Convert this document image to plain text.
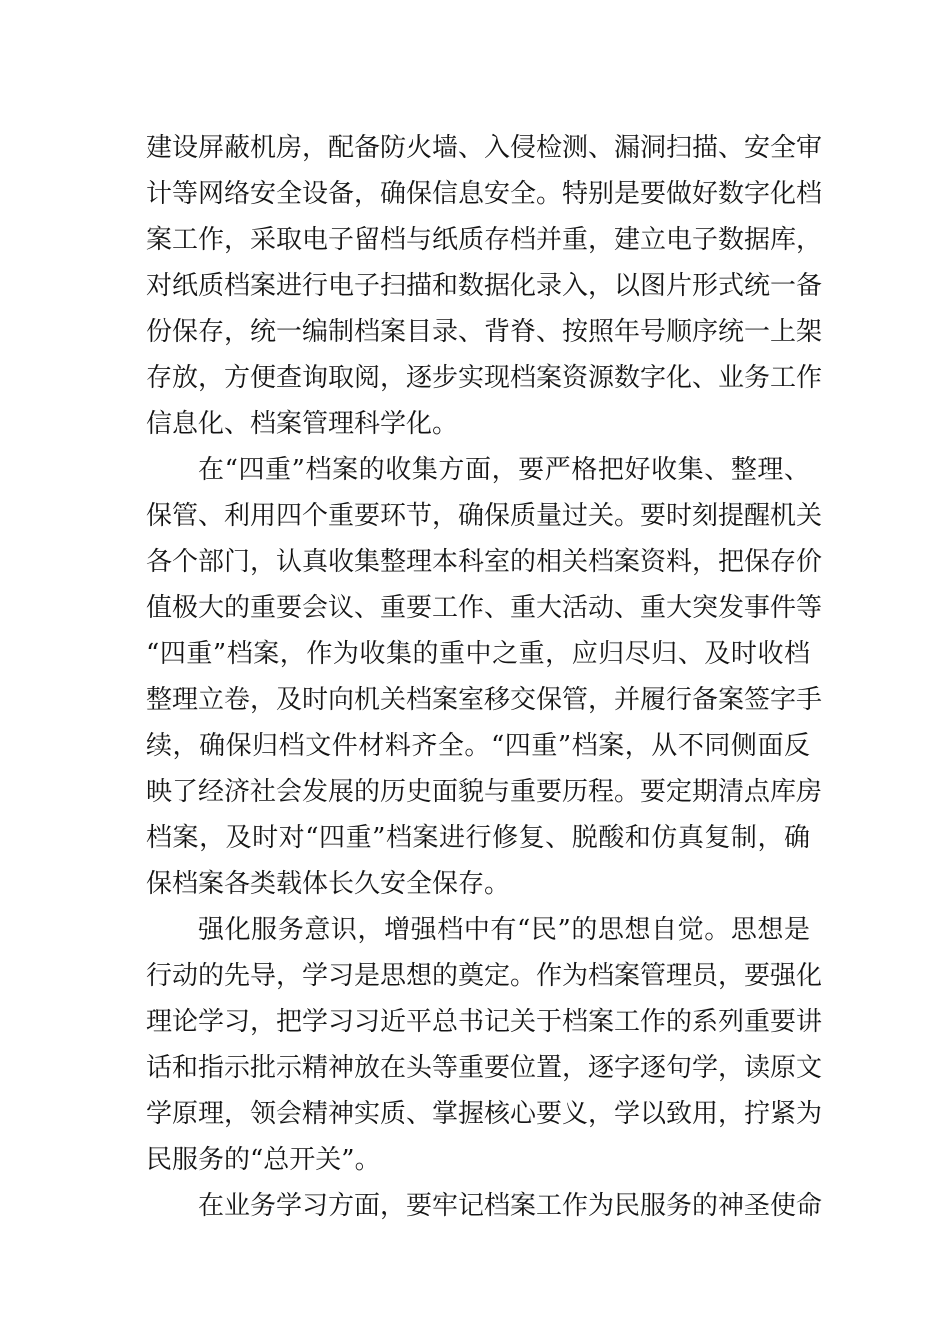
建设屏蔽机房，配备防火墙、入侵检测、漏洞扫描、安全审
计等网络安全设备，确保信息安全。特别是要做好数字化档
案工作，采取电子留档与纸质存档并重，建立电子数据库，
对纸质档案进行电子扫描和数据化录入，以图片形式统一备
份保存，统一编制档案目录、背脊、按照年号顺序统一上架
存放，方便查询取阅，逐步实现档案资源数字化、业务工作
信息化、档案管理科学化。
在“四重”档案的收集方面，要严格把好收集、整理、
保管、利用四个重要环节，确保质量过关。要时刻提醒机关
各个部门，认真收集整理本科室的相关档案资料，把保存价
值极大的重要会议、重要工作、重大活动、重大突发事件等
“四重”档案，作为收集的重中之重，应归尽归、及时收档
整理立卷，及时向机关档案室移交保管，并履行备案签字手
续，确保归档文件材料齐全。“四重”档案，从不同侧面反
映了经济社会发展的历史面貌与重要历程。要定期清点库房
档案，及时对“四重”档案进行修复、脱酸和仿真复制，确
保档案各类载体长久安全保存。
强化服务意识，增强档中有“民”的思想自觉。思想是
行动的先导，学习是思想的奠定。作为档案管理员，要强化
理论学习，把学习习近平总书记关于档案工作的系列重要讲
话和指示批示精神放在头等重要位置，逐字逐句学，读原文
学原理，领会精神实质、掌握核心要义，学以致用，拧紧为
民服务的“总开关”。
在业务学习方面，要牢记档案工作为民服务的神圣使命
